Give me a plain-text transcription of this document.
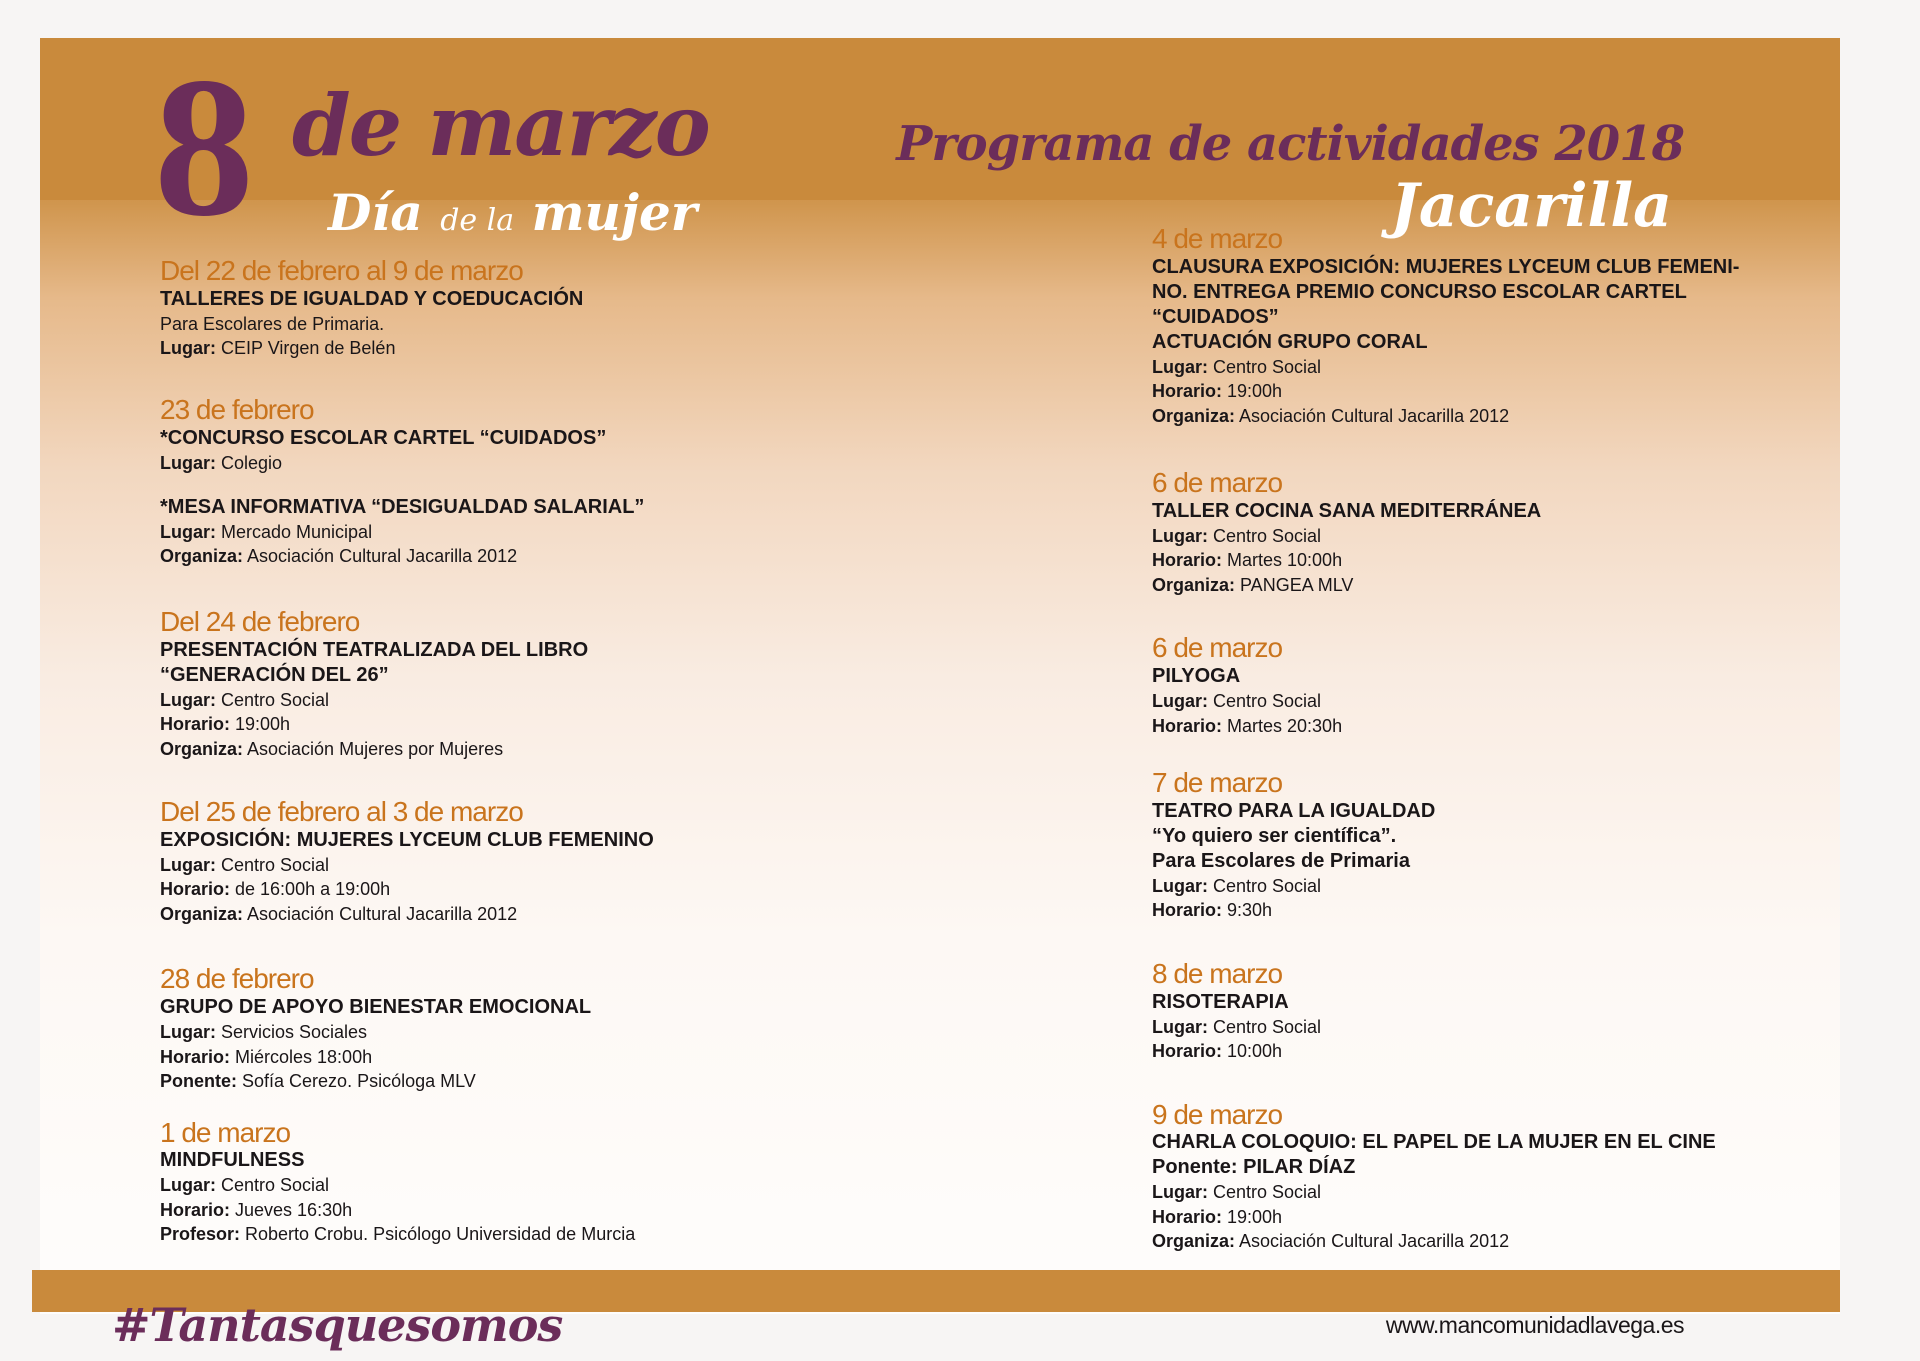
8 de marzo
Día de la mujer
Programa de actividades 2018
Jacarilla
#Tantasquesomos	www.mancomunidadlavega.es
Del 22 de febrero al 9 de marzo
TALLERES DE IGUALDAD Y COEDUCACIÓN
Para Escolares de Primaria.
Lugar: CEIP Virgen de Belén
23 de febrero
*CONCURSO ESCOLAR CARTEL “CUIDADOS”
Lugar: Colegio
*MESA INFORMATIVA “DESIGUALDAD SALARIAL”
Lugar: Mercado Municipal
Organiza: Asociación Cultural Jacarilla 2012
Del 24 de febrero
PRESENTACIÓN TEATRALIZADA DEL LIBRO
“GENERACIÓN DEL 26”
Lugar: Centro Social
Horario: 19:00h
Organiza: Asociación Mujeres por Mujeres
Del 25 de febrero al 3 de marzo
EXPOSICIÓN: MUJERES LYCEUM CLUB FEMENINO
Lugar: Centro Social
Horario: de 16:00h a 19:00h
Organiza: Asociación Cultural Jacarilla 2012
28 de febrero
GRUPO DE APOYO BIENESTAR EMOCIONAL
Lugar: Servicios Sociales
Horario: Miércoles 18:00h
Ponente: Sofía Cerezo. Psicóloga MLV
1 de marzo
MINDFULNESS
Lugar: Centro Social
Horario: Jueves 16:30h
Profesor: Roberto Crobu. Psicólogo Universidad de Murcia
4 de marzo
CLAUSURA EXPOSICIÓN: MUJERES LYCEUM CLUB FEMENI-
NO. ENTREGA PREMIO CONCURSO ESCOLAR CARTEL
“CUIDADOS”
ACTUACIÓN GRUPO CORAL
Lugar: Centro Social
Horario: 19:00h
Organiza: Asociación Cultural Jacarilla 2012
6 de marzo
TALLER COCINA SANA MEDITERRÁNEA
Lugar: Centro Social
Horario: Martes 10:00h
Organiza: PANGEA MLV
6 de marzo
PILYOGA
Lugar: Centro Social
Horario: Martes 20:30h
7 de marzo
TEATRO PARA LA IGUALDAD
“Yo quiero ser científica”.
Para Escolares de Primaria
Lugar: Centro Social
Horario: 9:30h
8 de marzo
RISOTERAPIA
Lugar: Centro Social
Horario: 10:00h
9 de marzo
CHARLA COLOQUIO: EL PAPEL DE LA MUJER EN EL CINE
Ponente: PILAR DÍAZ
Lugar: Centro Social
Horario: 19:00h
Organiza: Asociación Cultural Jacarilla 2012
